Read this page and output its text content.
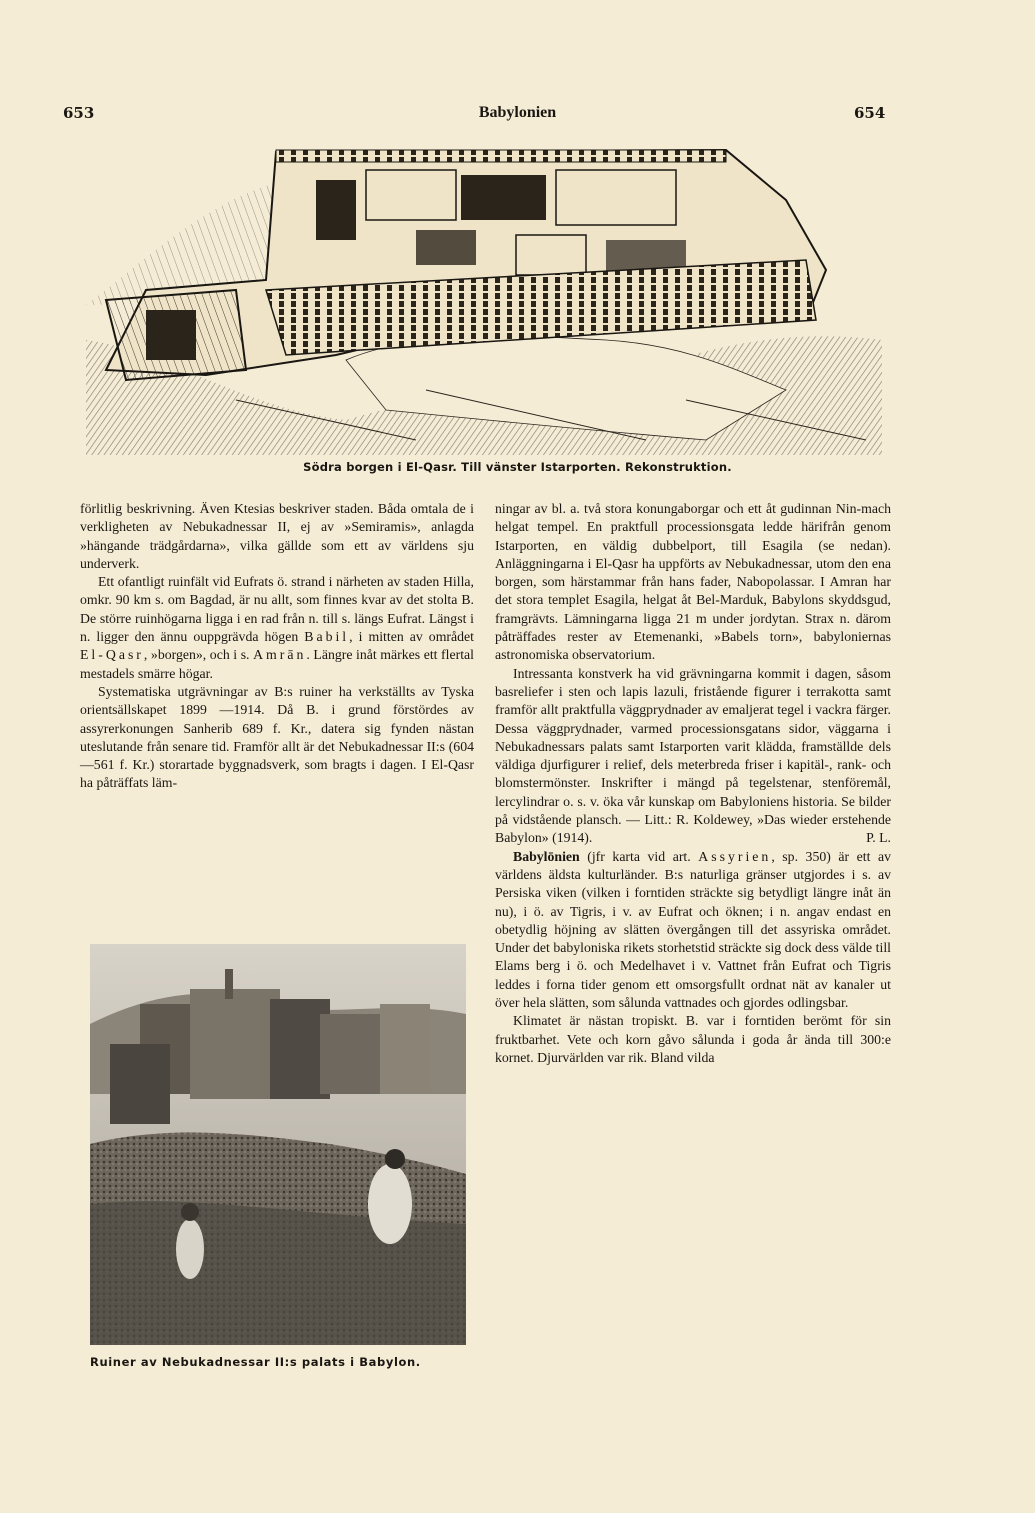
653	Babylonien	654
Södra borgen i El-Qasr. Till vänster Istarporten. Rekonstruktion.

förlitlig beskrivning. Även Ktesias beskriver staden. Båda omtala de i verkligheten av Nebukadnessar II, ej av »Semiramis», anlagda »hängande trädgårdarna», vilka gällde som ett av världens sju underverk.

Ett ofantligt ruinfält vid Eufrats ö. strand i närheten av staden Hilla, omkr. 90 km s. om Bagdad, är nu allt, som finnes kvar av det stolta B. De större ruinhögarna ligga i en rad från n. till s. längs Eufrat. Längst i n. ligger den ännu ouppgrävda högen Babil, i mitten av området El-Qasr, »borgen», och i s. Amrān. Längre inåt märkes ett flertal mestadels smärre högar.

Systematiska utgrävningar av B:s ruiner ha verkställts av Tyska orientsällskapet 1899 —1914. Då B. i grund förstördes av assyrerkonungen Sanherib 689 f. Kr., datera sig fynden nästan uteslutande från senare tid. Framför allt är det Nebukadnessar II:s (604 —561 f. Kr.) storartade byggnadsverk, som bragts i dagen. I El-Qasr ha påträffats läm-

Ruiner av Nebukadnessar II:s palats i Babylon.

ningar av bl. a. två stora konungaborgar och ett åt gudinnan Nin-mach helgat tempel. En praktfull processionsgata ledde härifrån genom Istarporten, en väldig dubbelport, till Esagila (se nedan). Anläggningarna i El-Qasr ha uppförts av Nebukadnessar, utom den ena borgen, som härstammar från hans fader, Nabopolassar. I Amran har det stora templet Esagila, helgat åt Bel-Marduk, Babylons skyddsgud, framgrävts. Lämningarna ligga 21 m under jordytan. Strax n. därom påträffades rester av Etemenanki, »Babels torn», babyloniernas astronomiska observatorium.

Intressanta konstverk ha vid grävningarna kommit i dagen, såsom basreliefer i sten och lapis lazuli, fristående figurer i terrakotta samt framför allt praktfulla väggprydnader av emaljerat tegel i vackra färger. Dessa väggprydnader, varmed processionsgatans sidor, väggarna i Nebukadnessars palats samt Istarporten varit klädda, framställde dels väldiga djurfigurer i relief, dels meterbreda friser i kapitäl-, rank- och blomstermönster. Inskrifter i mängd på tegelstenar, stenföremål, lercylindrar o. s. v. öka vår kunskap om Babyloniens historia. Se bilder på vidstående plansch. — Litt.: R. Koldewey, »Das wieder erstehende Babylon» (1914).	P. L.

Babylōnien (jfr karta vid art. Assyrien, sp. 350) är ett av världens äldsta kulturländer. B:s naturliga gränser utgjordes i s. av Persiska viken (vilken i forntiden sträckte sig betydligt längre inåt än nu), i ö. av Tigris, i v. av Eufrat och öknen; i n. angav endast en obetydlig höjning av slätten övergången till det assyriska området. Under det babyloniska rikets storhetstid sträckte sig dock dess välde till Elams berg i ö. och Medelhavet i v. Vattnet från Eufrat och Tigris leddes i forna tider genom ett omsorgsfullt ordnat nät av kanaler ut över hela slätten, som sålunda vattnades och gjordes odlingsbar.

Klimatet är nästan tropiskt. B. var i forntiden berömt för sin fruktbarhet. Vete och korn gåvo sålunda i goda år ända till 300:e kornet. Djurvärlden var rik. Bland vilda
